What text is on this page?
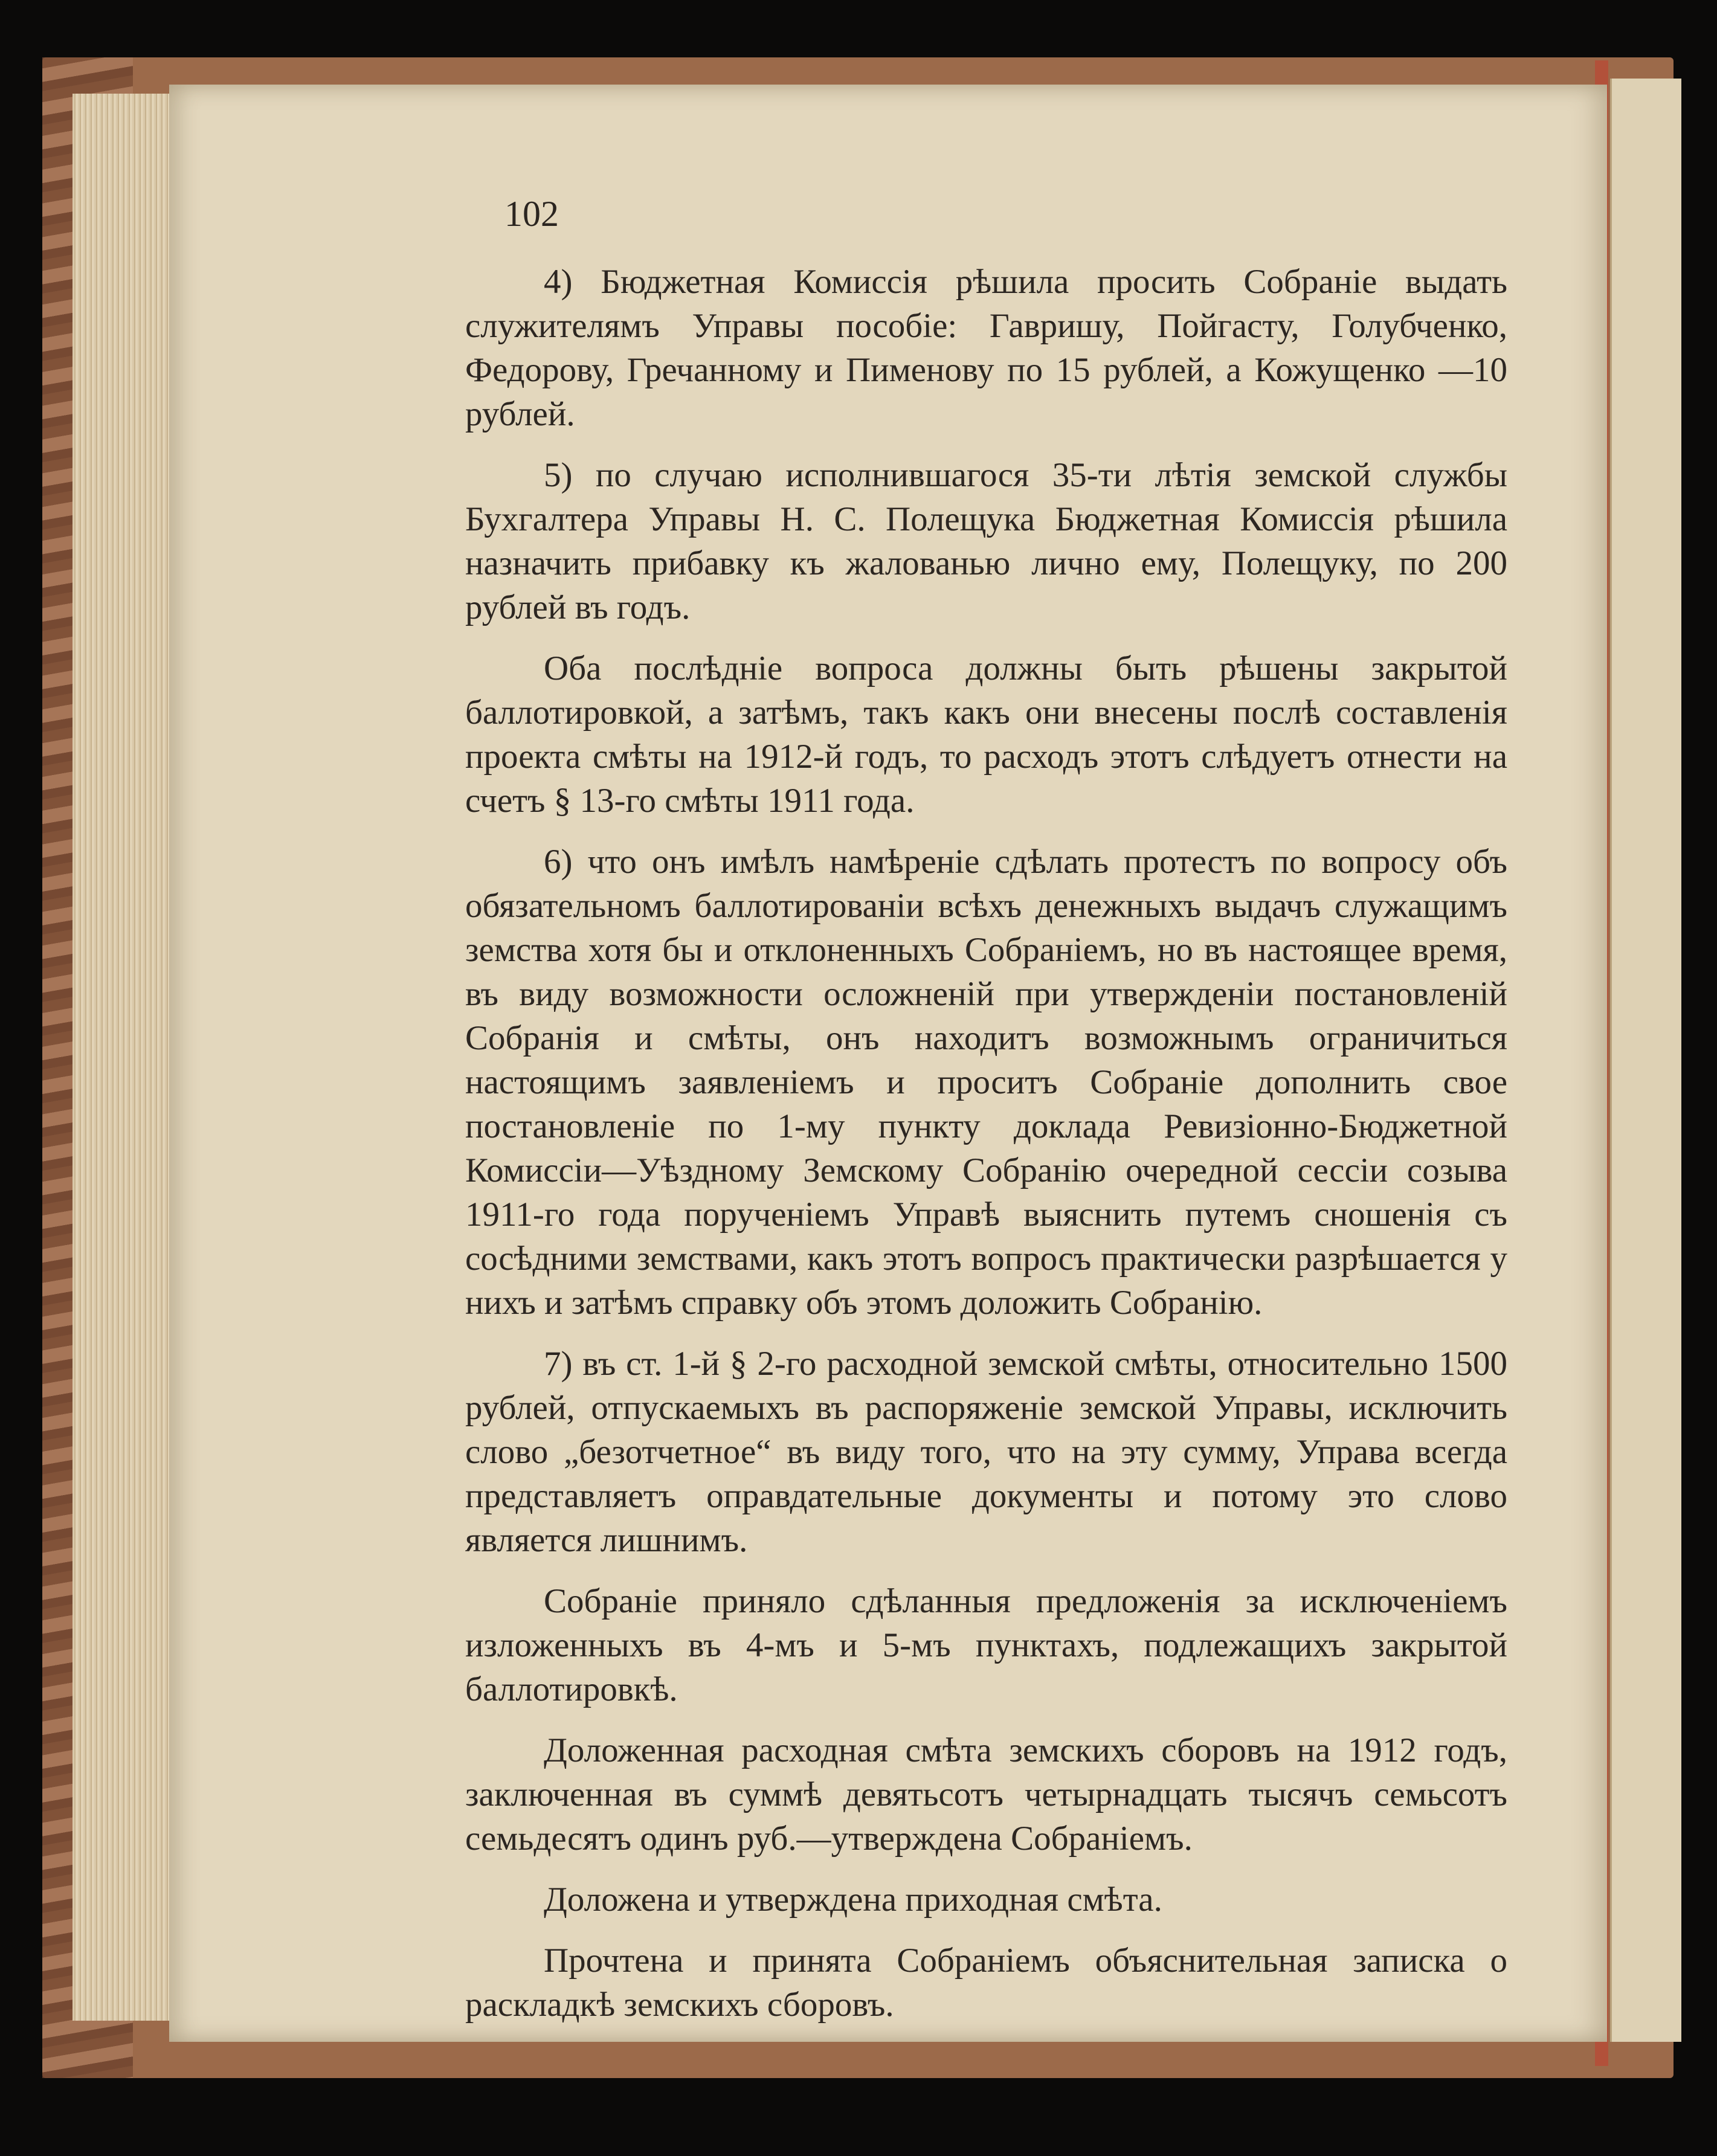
102

4) Бюджетная Комиссія рѣшила просить Собраніе выдать служителямъ Управы пособіе: Гавришу, Пойгасту, Голубченко, Федорову, Гречанному и Пименову по 15 рублей, а Кожущенко —10 рублей.

5) по случаю исполнившагося 35-ти лѣтія земской службы Бухгалтера Управы Н. С. Полещука Бюджетная Комиссія рѣшила назначить прибавку къ жалованью лично ему, Полещуку, по 200 рублей въ годъ.

Оба послѣдніе вопроса должны быть рѣшены закрытой баллотировкой, а затѣмъ, такъ какъ они внесены послѣ составленія проекта смѣты на 1912-й годъ, то расходъ этотъ слѣдуетъ отнести на счетъ § 13-го смѣты 1911 года.

6) что онъ имѣлъ намѣреніе сдѣлать протестъ по вопросу объ обязательномъ баллотированіи всѣхъ денежныхъ выдачъ служащимъ земства хотя бы и отклоненныхъ Собраніемъ, но въ настоящее время, въ виду возможности осложненій при утвержденіи постановленій Собранія и смѣты, онъ находитъ возможнымъ ограничиться настоящимъ заявленіемъ и проситъ Собраніе дополнить свое постановленіе по 1-му пункту доклада Ревизіонно-Бюджетной Комиссіи—Уѣздному Земскому Собранію очередной сессіи созыва 1911-го года порученіемъ Управѣ выяснить путемъ сношенія съ сосѣдними земствами, какъ этотъ вопросъ практически разрѣшается у нихъ и затѣмъ справку объ этомъ доложить Собранію.

7) въ ст. 1-й § 2-го расходной земской смѣты, относительно 1500 рублей, отпускаемыхъ въ распоряженіе земской Управы, исключить слово „безотчетное“ въ виду того, что на эту сумму, Управа всегда представляетъ оправдательные документы и потому это слово является лишнимъ.

Собраніе приняло сдѣланныя предложенія за исключеніемъ изложенныхъ въ 4-мъ и 5-мъ пунктахъ, подлежащихъ закрытой баллотировкѣ.

Доложенная расходная смѣта земскихъ сборовъ на 1912 годъ, заключенная въ суммѣ девятьсотъ четырнадцать тысячъ семьсотъ семьдесятъ одинъ руб.—утверждена Собраніемъ.

Доложена и утверждена приходная смѣта.

Прочтена и принята Собраніемъ объяснительная записка о раскладкѣ земскихъ сборовъ.
